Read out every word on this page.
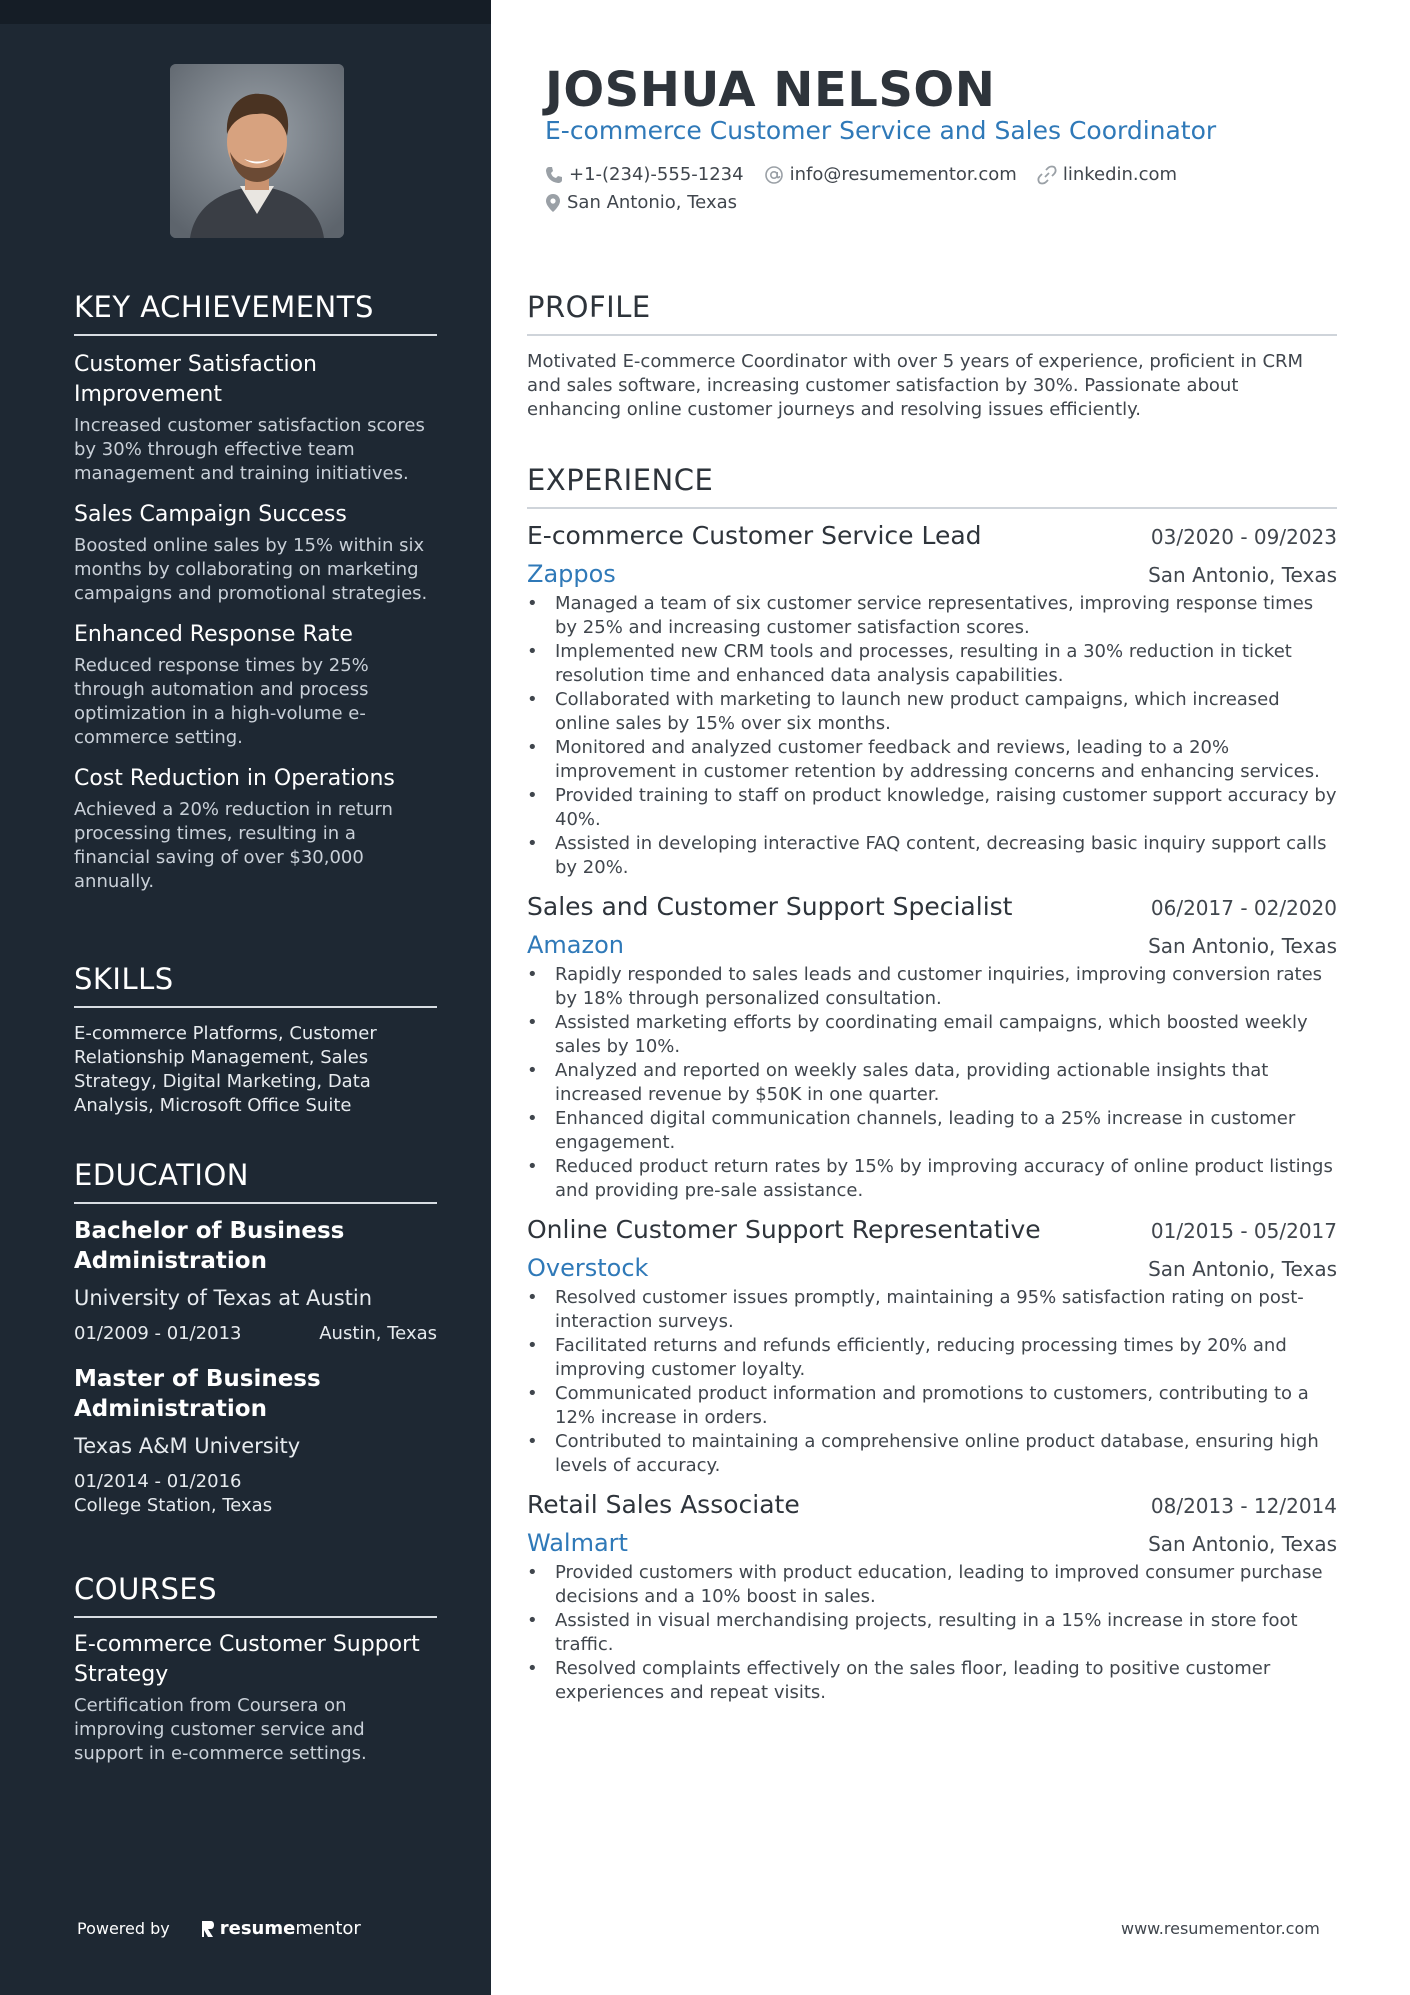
KEY ACHIEVEMENTS
Customer Satisfaction Improvement
Increased customer satisfaction scores by 30% through effective team management and training initiatives.
Sales Campaign Success
Boosted online sales by 15% within six months by collaborating on marketing campaigns and promotional strategies.
Enhanced Response Rate
Reduced response times by 25% through automation and process optimization in a high-volume e-commerce setting.
Cost Reduction in Operations
Achieved a 20% reduction in return processing times, resulting in a financial saving of over $30,000 annually.
SKILLS
E-commerce Platforms, Customer Relationship Management, Sales Strategy, Digital Marketing, Data Analysis, Microsoft Office Suite
EDUCATION
Bachelor of Business Administration
University of Texas at Austin
01/2009 - 01/2013	Austin, Texas
Master of Business Administration
Texas A&M University
01/2014 - 01/2016
College Station, Texas
COURSES
E-commerce Customer Support Strategy
Certification from Coursera on improving customer service and support in e-commerce settings.
Powered by	resume mentor
JOSHUA NELSON
E-commerce Customer Service and Sales Coordinator
+1-(234)-555-1234	info@resumementor.com	linkedin.com
San Antonio, Texas
PROFILE

Motivated E-commerce Coordinator with over 5 years of experience, proficient in CRM and sales software, increasing customer satisfaction by 30%. Passionate about enhancing online customer journeys and resolving issues efficiently.

EXPERIENCE
E-commerce Customer Service Lead	03/2020 - 09/2023
Zappos	San Antonio, Texas
• Managed a team of six customer service representatives, improving response times by 25% and increasing customer satisfaction scores.
• Implemented new CRM tools and processes, resulting in a 30% reduction in ticket resolution time and enhanced data analysis capabilities.
• Collaborated with marketing to launch new product campaigns, which increased online sales by 15% over six months.
• Monitored and analyzed customer feedback and reviews, leading to a 20% improvement in customer retention by addressing concerns and enhancing services.
• Provided training to staff on product knowledge, raising customer support accuracy by 40%.
• Assisted in developing interactive FAQ content, decreasing basic inquiry support calls by 20%.
Sales and Customer Support Specialist	06/2017 - 02/2020
Amazon	San Antonio, Texas
• Rapidly responded to sales leads and customer inquiries, improving conversion rates by 18% through personalized consultation.
• Assisted marketing efforts by coordinating email campaigns, which boosted weekly sales by 10%.
• Analyzed and reported on weekly sales data, providing actionable insights that increased revenue by $50K in one quarter.
• Enhanced digital communication channels, leading to a 25% increase in customer engagement.
• Reduced product return rates by 15% by improving accuracy of online product listings and providing pre-sale assistance.
Online Customer Support Representative	01/2015 - 05/2017
Overstock	San Antonio, Texas
• Resolved customer issues promptly, maintaining a 95% satisfaction rating on post-interaction surveys.
• Facilitated returns and refunds efficiently, reducing processing times by 20% and improving customer loyalty.
• Communicated product information and promotions to customers, contributing to a 12% increase in orders.
• Contributed to maintaining a comprehensive online product database, ensuring high levels of accuracy.
Retail Sales Associate	08/2013 - 12/2014
Walmart	San Antonio, Texas
• Provided customers with product education, leading to improved consumer purchase decisions and a 10% boost in sales.
• Assisted in visual merchandising projects, resulting in a 15% increase in store foot traffic.
• Resolved complaints effectively on the sales floor, leading to positive customer experiences and repeat visits.
www.resumementor.com
